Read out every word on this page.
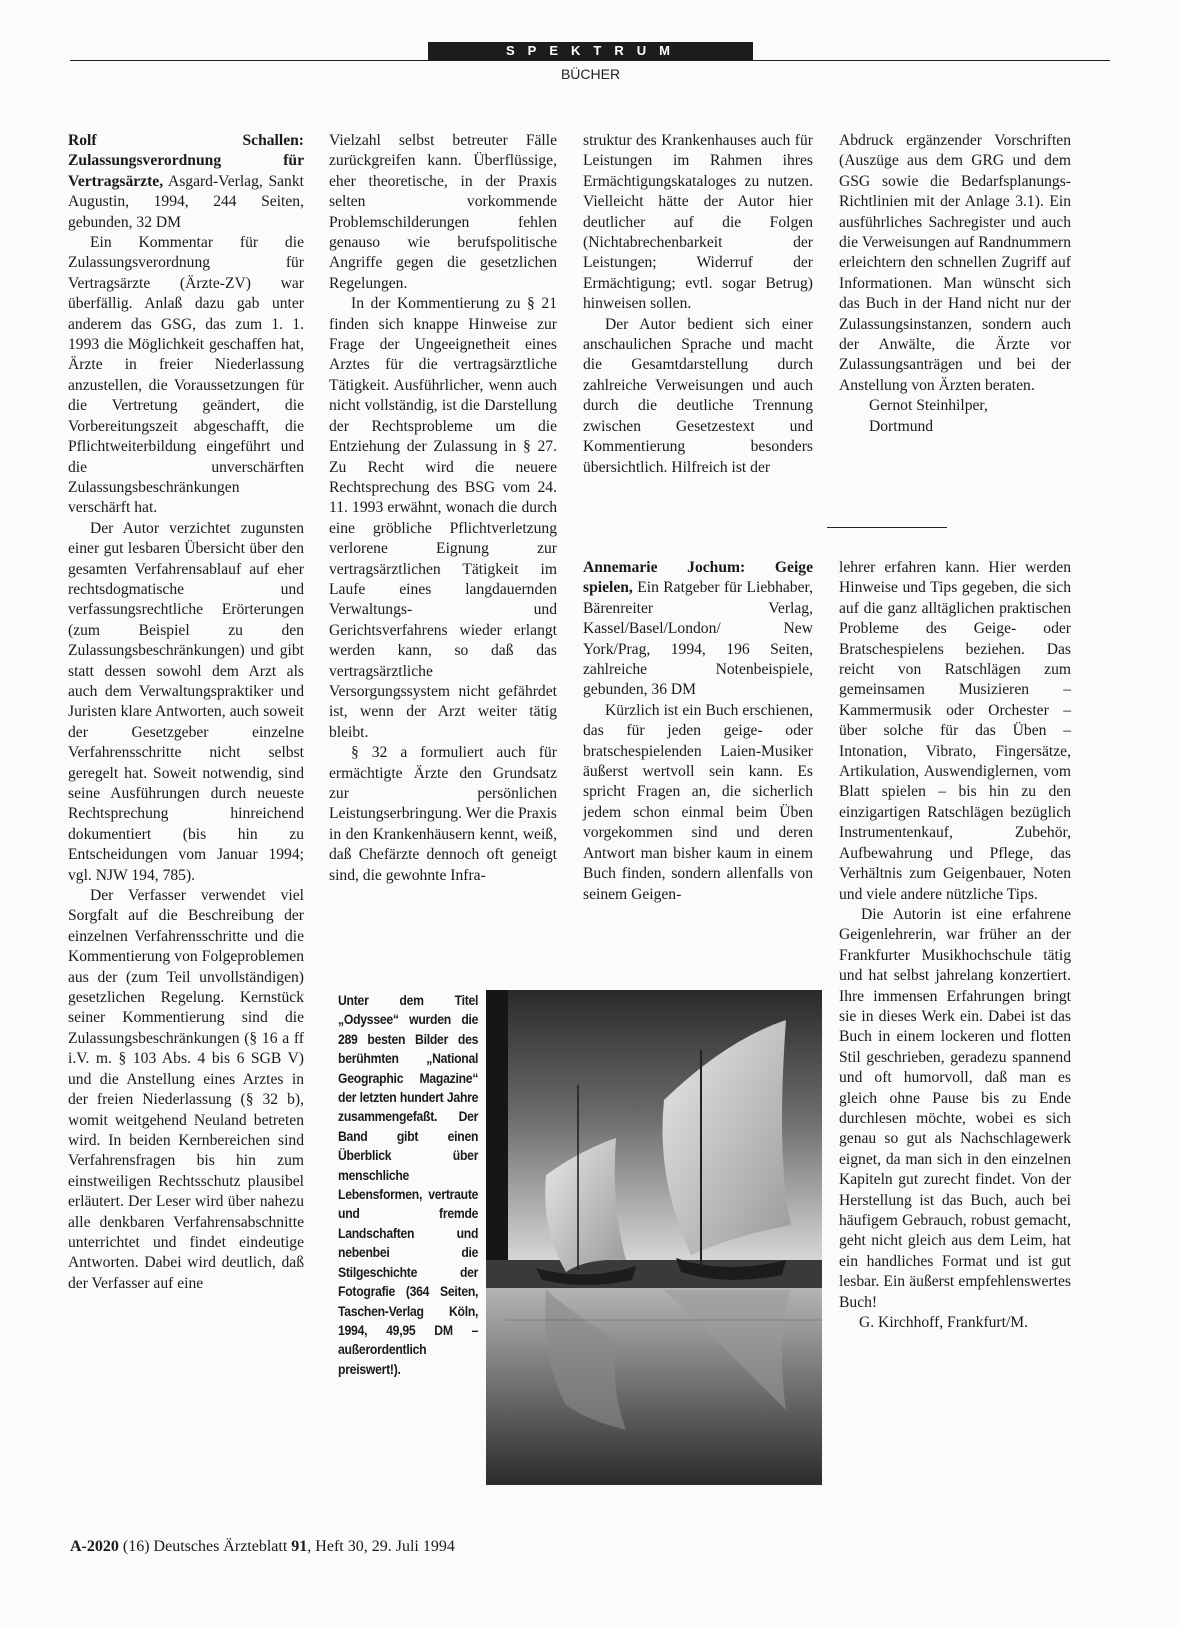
SPEKTRUM
BÜCHER

Rolf Schallen: Zulassungsverordnung für Vertragsärzte, Asgard-Verlag, Sankt Augustin, 1994, 244 Seiten, gebunden, 32 DM

Ein Kommentar für die Zulassungsverordnung für Vertragsärzte (Ärzte-ZV) war überfällig. Anlaß dazu gab unter anderem das GSG, das zum 1. 1. 1993 die Möglichkeit geschaffen hat, Ärzte in freier Niederlassung anzustellen, die Voraussetzungen für die Vertretung geändert, die Vorbereitungszeit abgeschafft, die Pflichtweiterbildung eingeführt und die unverschärften Zulassungsbeschränkungen verschärft hat.

Der Autor verzichtet zugunsten einer gut lesbaren Übersicht über den gesamten Verfahrensablauf auf eher rechtsdogmatische und verfassungsrechtliche Erörterungen (zum Beispiel zu den Zulassungsbeschränkungen) und gibt statt dessen sowohl dem Arzt als auch dem Verwaltungspraktiker und Juristen klare Antworten, auch soweit der Gesetzgeber einzelne Verfahrensschritte nicht selbst geregelt hat. Soweit notwendig, sind seine Ausführungen durch neueste Rechtsprechung hinreichend dokumentiert (bis hin zu Entscheidungen vom Januar 1994; vgl. NJW 194, 785).

Der Verfasser verwendet viel Sorgfalt auf die Beschreibung der einzelnen Verfahrensschritte und die Kommentierung von Folgeproblemen aus der (zum Teil unvollständigen) gesetzlichen Regelung. Kernstück seiner Kommentierung sind die Zulassungsbeschränkungen (§ 16 a ff i.V. m. § 103 Abs. 4 bis 6 SGB V) und die Anstellung eines Arztes in der freien Niederlassung (§ 32 b), womit weitgehend Neuland betreten wird. In beiden Kernbereichen sind Verfahrensfragen bis hin zum einstweiligen Rechtsschutz plausibel erläutert. Der Leser wird über nahezu alle denkbaren Verfahrensabschnitte unterrichtet und findet eindeutige Antworten. Dabei wird deutlich, daß der Verfasser auf eine

Vielzahl selbst betreuter Fälle zurückgreifen kann. Überflüssige, eher theoretische, in der Praxis selten vorkommende Problemschilderungen fehlen genauso wie berufspolitische Angriffe gegen die gesetzlichen Regelungen.

In der Kommentierung zu § 21 finden sich knappe Hinweise zur Frage der Ungeeignetheit eines Arztes für die vertragsärztliche Tätigkeit. Ausführlicher, wenn auch nicht vollständig, ist die Darstellung der Rechtsprobleme um die Entziehung der Zulassung in § 27. Zu Recht wird die neuere Rechtsprechung des BSG vom 24. 11. 1993 erwähnt, wonach die durch eine gröbliche Pflichtverletzung verlorene Eignung zur vertragsärztlichen Tätigkeit im Laufe eines langdauernden Verwaltungs- und Gerichtsverfahrens wieder erlangt werden kann, so daß das vertragsärztliche Versorgungssystem nicht gefährdet ist, wenn der Arzt weiter tätig bleibt.

§ 32 a formuliert auch für ermächtigte Ärzte den Grundsatz zur persönlichen Leistungserbringung. Wer die Praxis in den Krankenhäusern kennt, weiß, daß Chefärzte dennoch oft geneigt sind, die gewohnte Infra-

struktur des Krankenhauses auch für Leistungen im Rahmen ihres Ermächtigungskataloges zu nutzen. Vielleicht hätte der Autor hier deutlicher auf die Folgen (Nichtabrechenbarkeit der Leistungen; Widerruf der Ermächtigung; evtl. sogar Betrug) hinweisen sollen.

Der Autor bedient sich einer anschaulichen Sprache und macht die Gesamtdarstellung durch zahlreiche Verweisungen und auch durch die deutliche Trennung zwischen Gesetzestext und Kommentierung besonders übersichtlich. Hilfreich ist der

Abdruck ergänzender Vorschriften (Auszüge aus dem GRG und dem GSG sowie die Bedarfsplanungs-Richtlinien mit der Anlage 3.1). Ein ausführliches Sachregister und auch die Verweisungen auf Randnummern erleichtern den schnellen Zugriff auf Informationen. Man wünscht sich das Buch in der Hand nicht nur der Zulassungsinstanzen, sondern auch der Anwälte, die Ärzte vor Zulassungsanträgen und bei der Anstellung von Ärzten beraten.

Gernot Steinhilper,

Dortmund

Annemarie Jochum: Geige spielen, Ein Ratgeber für Liebhaber, Bärenreiter Verlag, Kassel/Basel/London/ New York/Prag, 1994, 196 Seiten, zahlreiche Notenbeispiele, gebunden, 36 DM

Kürzlich ist ein Buch erschienen, das für jeden geige- oder bratschespielenden Laien-Musiker äußerst wertvoll sein kann. Es spricht Fragen an, die sicherlich jedem schon einmal beim Üben vorgekommen sind und deren Antwort man bisher kaum in einem Buch finden, sondern allenfalls von seinem Geigen-

lehrer erfahren kann. Hier werden Hinweise und Tips gegeben, die sich auf die ganz alltäglichen praktischen Probleme des Geige- oder Bratschespielens beziehen. Das reicht von Ratschlägen zum gemeinsamen Musizieren – Kammermusik oder Orchester – über solche für das Üben – Intonation, Vibrato, Fingersätze, Artikulation, Auswendiglernen, vom Blatt spielen – bis hin zu den einzigartigen Ratschlägen bezüglich Instrumentenkauf, Zubehör, Aufbewahrung und Pflege, das Verhältnis zum Geigenbauer, Noten und viele andere nützliche Tips.

Die Autorin ist eine erfahrene Geigenlehrerin, war früher an der Frankfurter Musikhochschule tätig und hat selbst jahrelang konzertiert. Ihre immensen Erfahrungen bringt sie in dieses Werk ein. Dabei ist das Buch in einem lockeren und flotten Stil geschrieben, geradezu spannend und oft humorvoll, daß man es gleich ohne Pause bis zu Ende durchlesen möchte, wobei es sich genau so gut als Nachschlagewerk eignet, da man sich in den einzelnen Kapiteln gut zurecht findet. Von der Herstellung ist das Buch, auch bei häufigem Gebrauch, robust gemacht, geht nicht gleich aus dem Leim, hat ein handliches Format und ist gut lesbar. Ein äußerst empfehlenswertes Buch!

G. Kirchhoff, Frankfurt/M.

Unter dem Titel „Odyssee“ wurden die 289 besten Bilder des berühmten „National Geographic Magazine“ der letzten hundert Jahre zusammengefaßt. Der Band gibt einen Überblick über menschliche Lebensformen, vertraute und fremde Landschaften und nebenbei die Stilgeschichte der Fotografie (364 Seiten, Taschen-Verlag Köln, 1994, 49,95 DM – außerordentlich preiswert!).
A-2020 (16) Deutsches Ärzteblatt 91, Heft 30, 29. Juli 1994
